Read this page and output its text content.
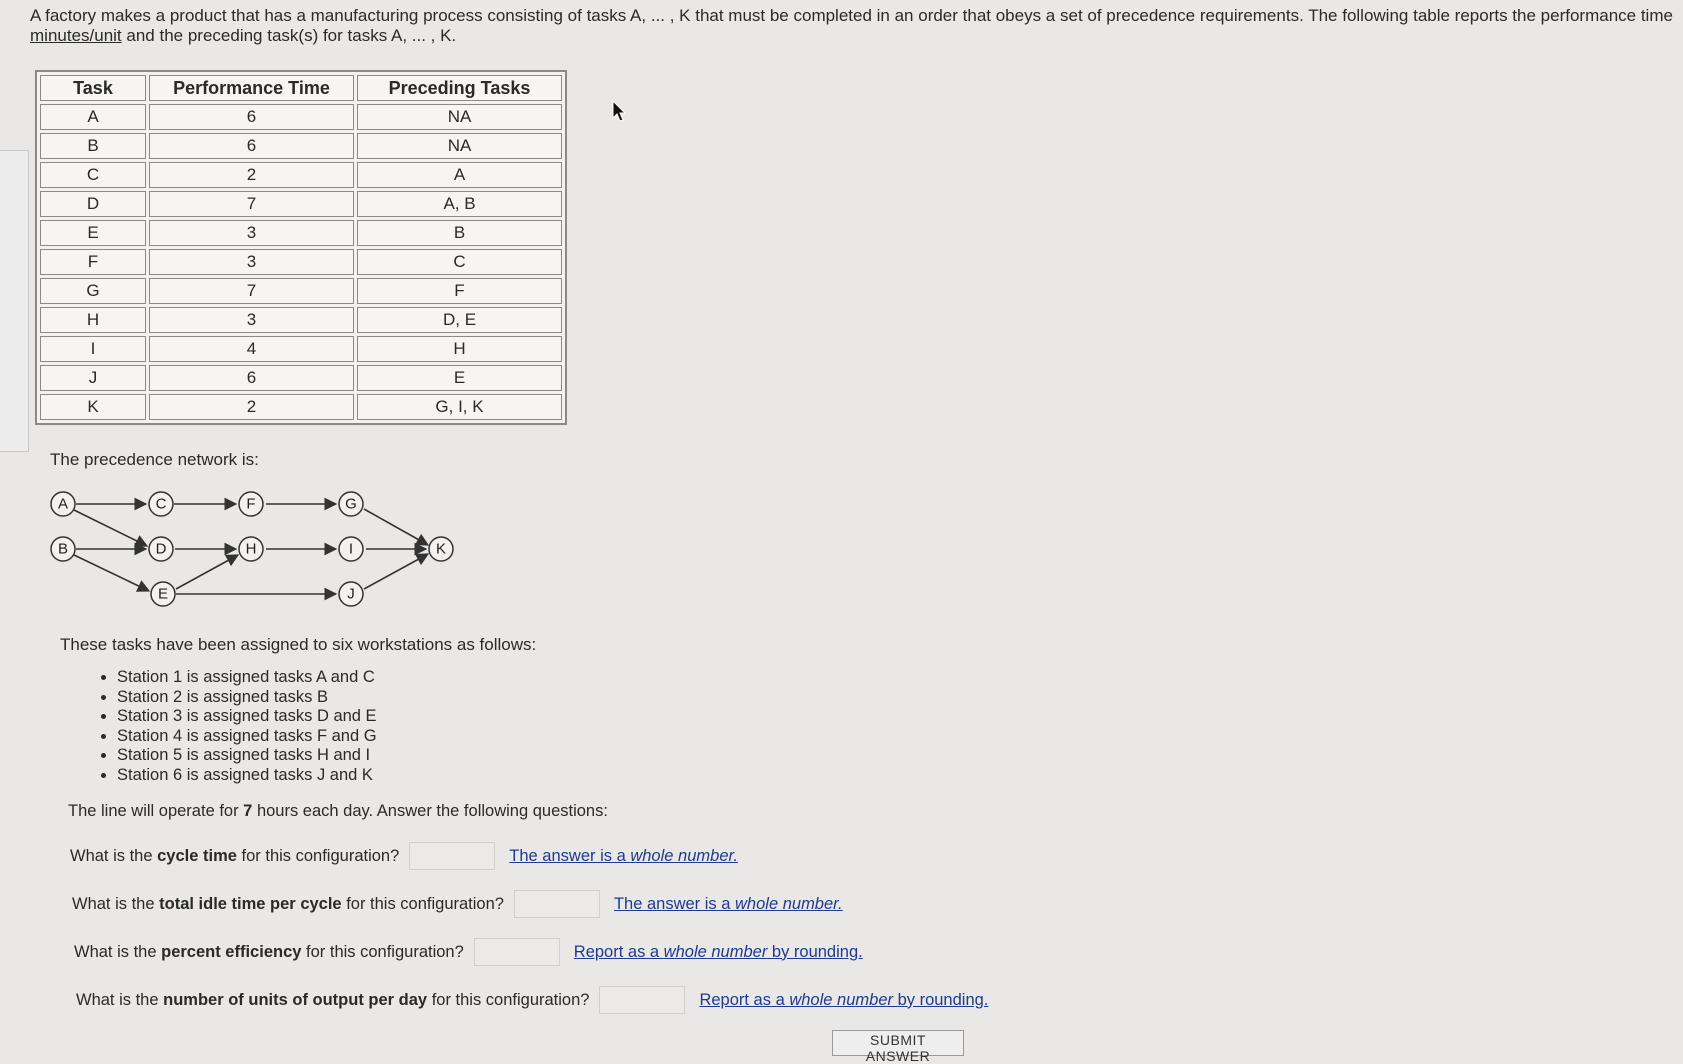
A factory makes a product that has a manufacturing process consisting of tasks A, ... , K that must be completed in an order that obeys a set of precedence requirements. The following table reports the performance time
minutes/unit and the preceding task(s) for tasks A, ... , K.
Task	Performance Time	Preceding Tasks
A	6	NA
B	6	NA
C	2	A
D	7	A, B
E	3	B
F	3	C
G	7	F
H	3	D, E
I	4	H
J	6	E
K	2	G, I, K
The precedence network is:
A
B
C
D
E
F	G
H	I
J
K
These tasks have been assigned to six workstations as follows:
• Station 1 is assigned tasks A and C
• Station 2 is assigned tasks B
• Station 3 is assigned tasks D and E
• Station 4 is assigned tasks F and G
• Station 5 is assigned tasks H and I
• Station 6 is assigned tasks J and K
The line will operate for 7 hours each day. Answer the following questions:
What is the cycle time for this configuration?	The answer is a whole number.
What is the total idle time per cycle for this configuration?	The answer is a whole number.
What is the percent efficiency for this configuration?	Report as a whole number by rounding.
What is the number of units of output per day for this configuration?	Report as a whole number by rounding.
SUBMIT ANSWER
